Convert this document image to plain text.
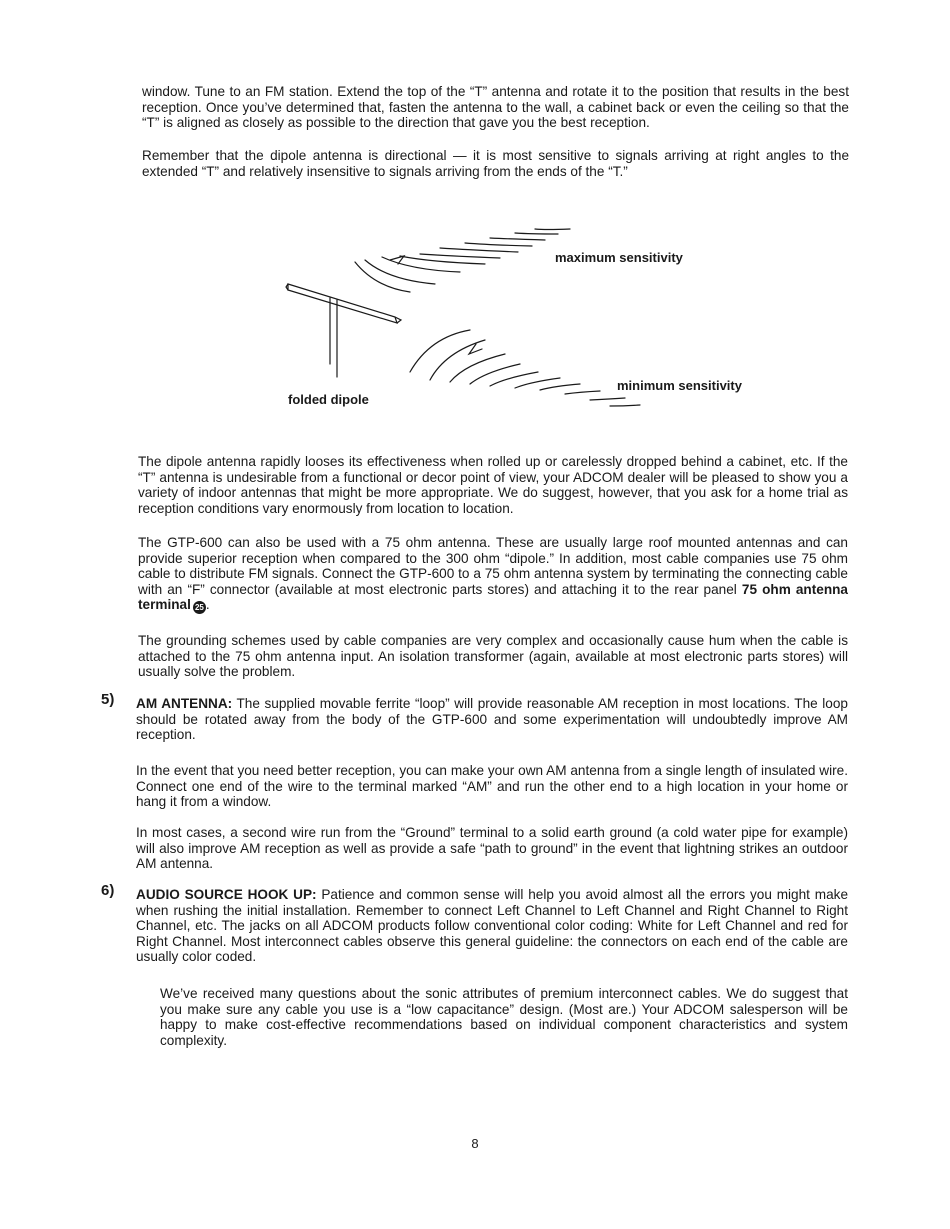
window. Tune to an FM station. Extend the top of the “T” antenna and rotate it to the position that results in the best reception. Once you’ve determined that, fasten the antenna to the wall, a cabinet back or even the ceiling so that the “T” is aligned as closely as possible to the direction that gave you the best reception.

Remember that the dipole antenna is directional — it is most sensitive to signals arriving at right angles to the extended “T” and relatively insensitive to signals arriving from the ends of the “T.”

maximum sensitivity
minimum sensitivity
folded dipole

The dipole antenna rapidly looses its effectiveness when rolled up or carelessly dropped behind a cabinet, etc. If the “T” antenna is undesirable from a functional or decor point of view, your ADCOM dealer will be pleased to show you a variety of indoor antennas that might be more appropriate. We do suggest, however, that you ask for a home trial as reception conditions vary enormously from location to location.

The GTP-600 can also be used with a 75 ohm antenna. These are usually large roof mounted antennas and can provide superior reception when compared to the 300 ohm “dipole.” In addition, most cable companies use 75 ohm cable to distribute FM signals. Connect the GTP-600 to a 75 ohm antenna system by terminating the connecting cable with an “F” connector (available at most electronic parts stores) and attaching it to the rear panel 75 ohm antenna terminal 25 .

The grounding schemes used by cable companies are very complex and occasionally cause hum when the cable is attached to the 75 ohm antenna input. An isolation transformer (again, available at most electronic parts stores) will usually solve the problem.

5) AM ANTENNA: The supplied movable ferrite “loop” will provide reasonable AM reception in most locations. The loop should be rotated away from the body of the GTP-600 and some experimentation will undoubtedly improve AM reception.

In the event that you need better reception, you can make your own AM antenna from a single length of insulated wire. Connect one end of the wire to the terminal marked “AM” and run the other end to a high location in your home or hang it from a window.

In most cases, a second wire run from the “Ground” terminal to a solid earth ground (a cold water pipe for example) will also improve AM reception as well as provide a safe “path to ground” in the event that lightning strikes an outdoor AM antenna.

6) AUDIO SOURCE HOOK UP: Patience and common sense will help you avoid almost all the errors you might make when rushing the initial installation. Remember to connect Left Channel to Left Channel and Right Channel to Right Channel, etc. The jacks on all ADCOM products follow conventional color coding: White for Left Channel and red for Right Channel. Most interconnect cables observe this general guideline: the connectors on each end of the cable are usually color coded.

We’ve received many questions about the sonic attributes of premium interconnect cables. We do suggest that you make sure any cable you use is a “low capacitance” design. (Most are.) Your ADCOM salesperson will be happy to make cost-effective recommendations based on individual component characteristics and system complexity.

8
